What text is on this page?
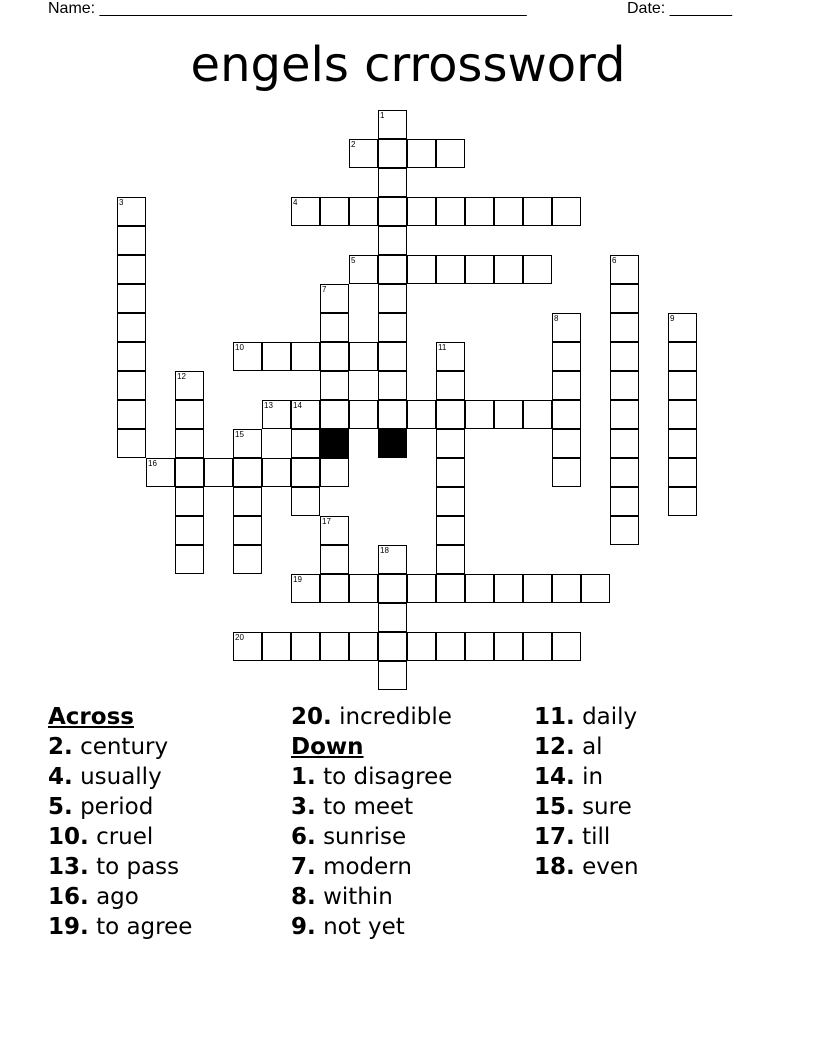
Name: ________________________________________________	Date: _______
engels crrossword
1
2
3	4
5	6
7
8	9
10	11
12
13	14
15
16
17
18
19
20
Across
2. century
4. usually
5. period
10. cruel
13. to pass
16. ago
19. to agree
20. incredible
Down
1. to disagree
3. to meet
6. sunrise
7. modern
8. within
9. not yet
11. daily
12. al
14. in
15. sure
17. till
18. even
